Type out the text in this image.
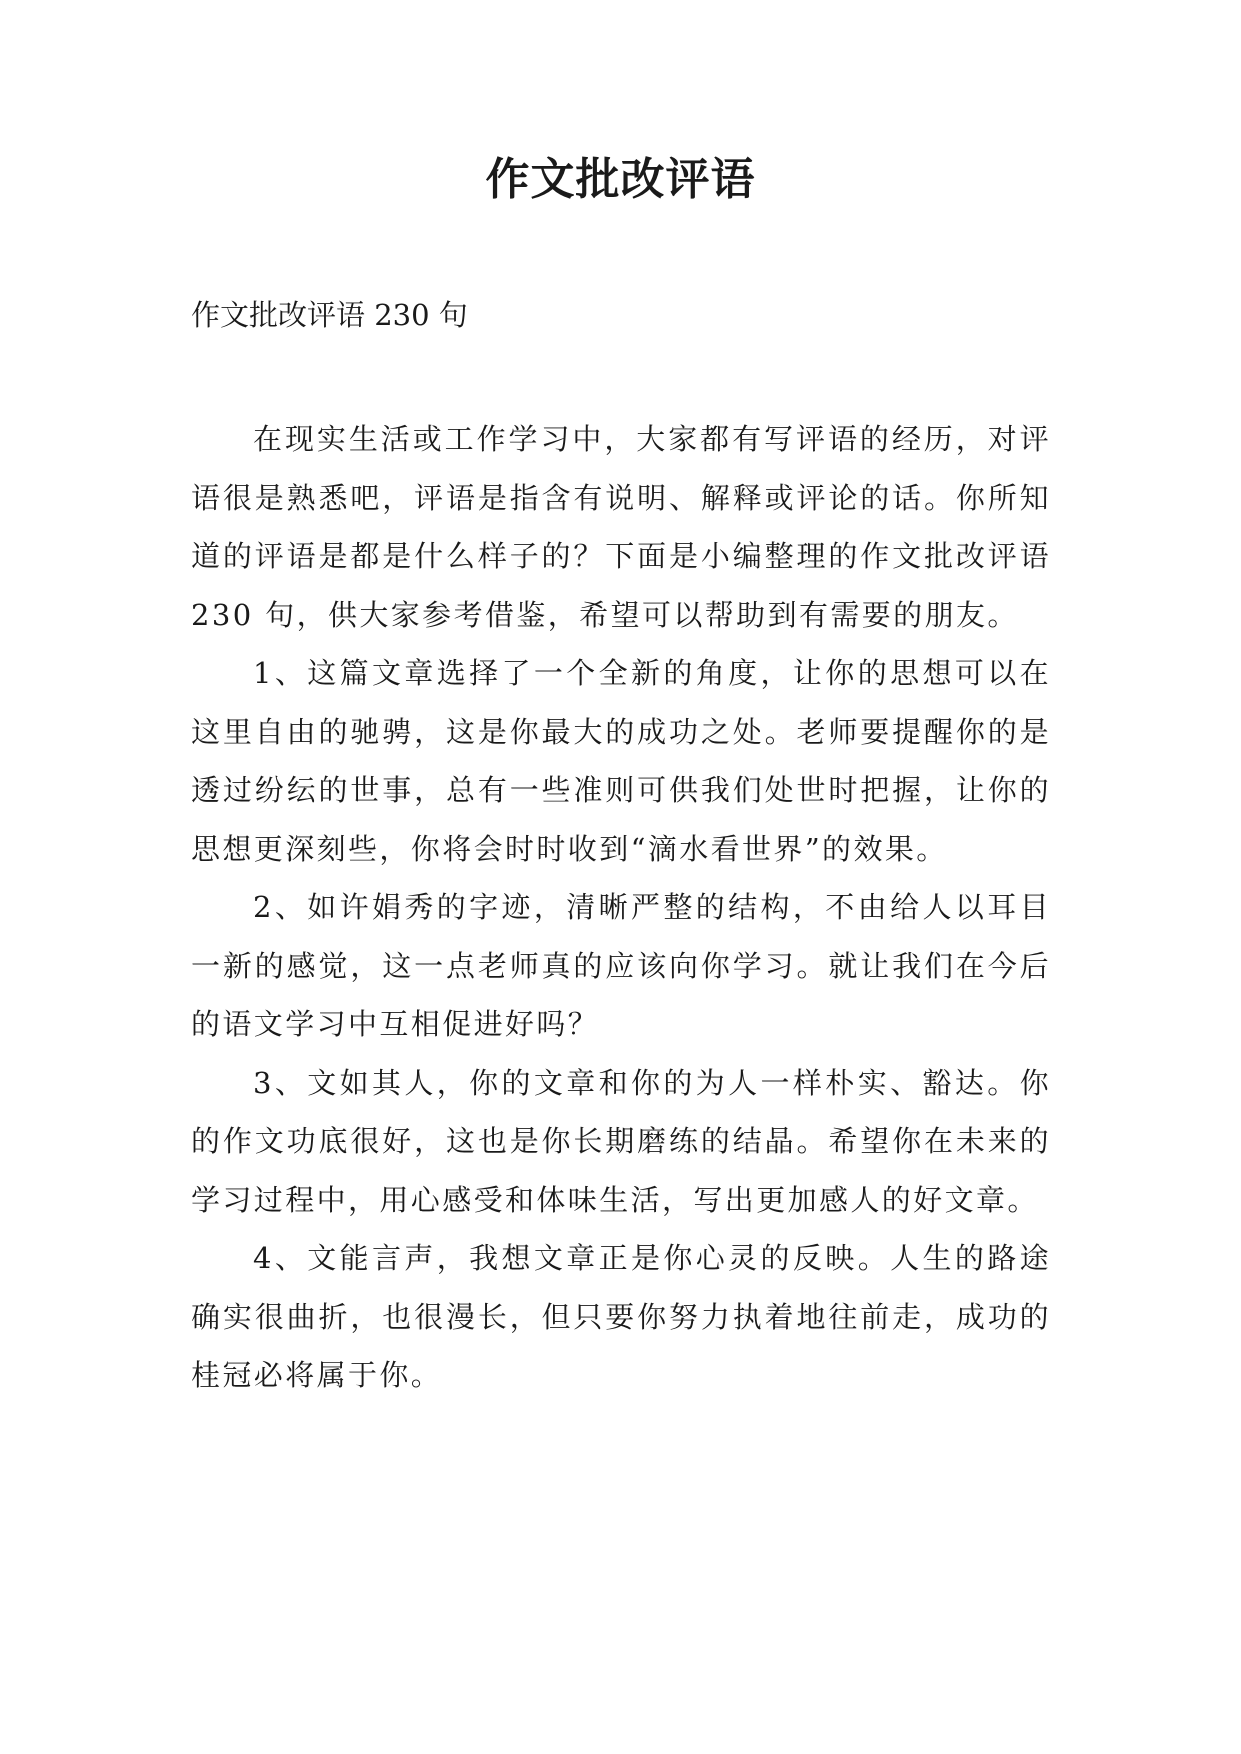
作文批改评语

作文批改评语 230 句

在现实生活或工作学习中，大家都有写评语的经历，对评语很是熟悉吧，评语是指含有说明、解释或评论的话。你所知道的评语是都是什么样子的？下面是小编整理的作文批改评语 230 句，供大家参考借鉴，希望可以帮助到有需要的朋友。

1、这篇文章选择了一个全新的角度，让你的思想可以在这里自由的驰骋，这是你最大的成功之处。老师要提醒你的是透过纷纭的世事，总有一些准则可供我们处世时把握，让你的思想更深刻些，你将会时时收到“滴水看世界”的效果。

2、如许娟秀的字迹，清晰严整的结构，不由给人以耳目一新的感觉，这一点老师真的应该向你学习。就让我们在今后的语文学习中互相促进好吗？

3、文如其人，你的文章和你的为人一样朴实、豁达。你的作文功底很好，这也是你长期磨练的结晶。希望你在未来的学习过程中，用心感受和体味生活，写出更加感人的好文章。

4、文能言声，我想文章正是你心灵的反映。人生的路途确实很曲折，也很漫长，但只要你努力执着地往前走，成功的桂冠必将属于你。
